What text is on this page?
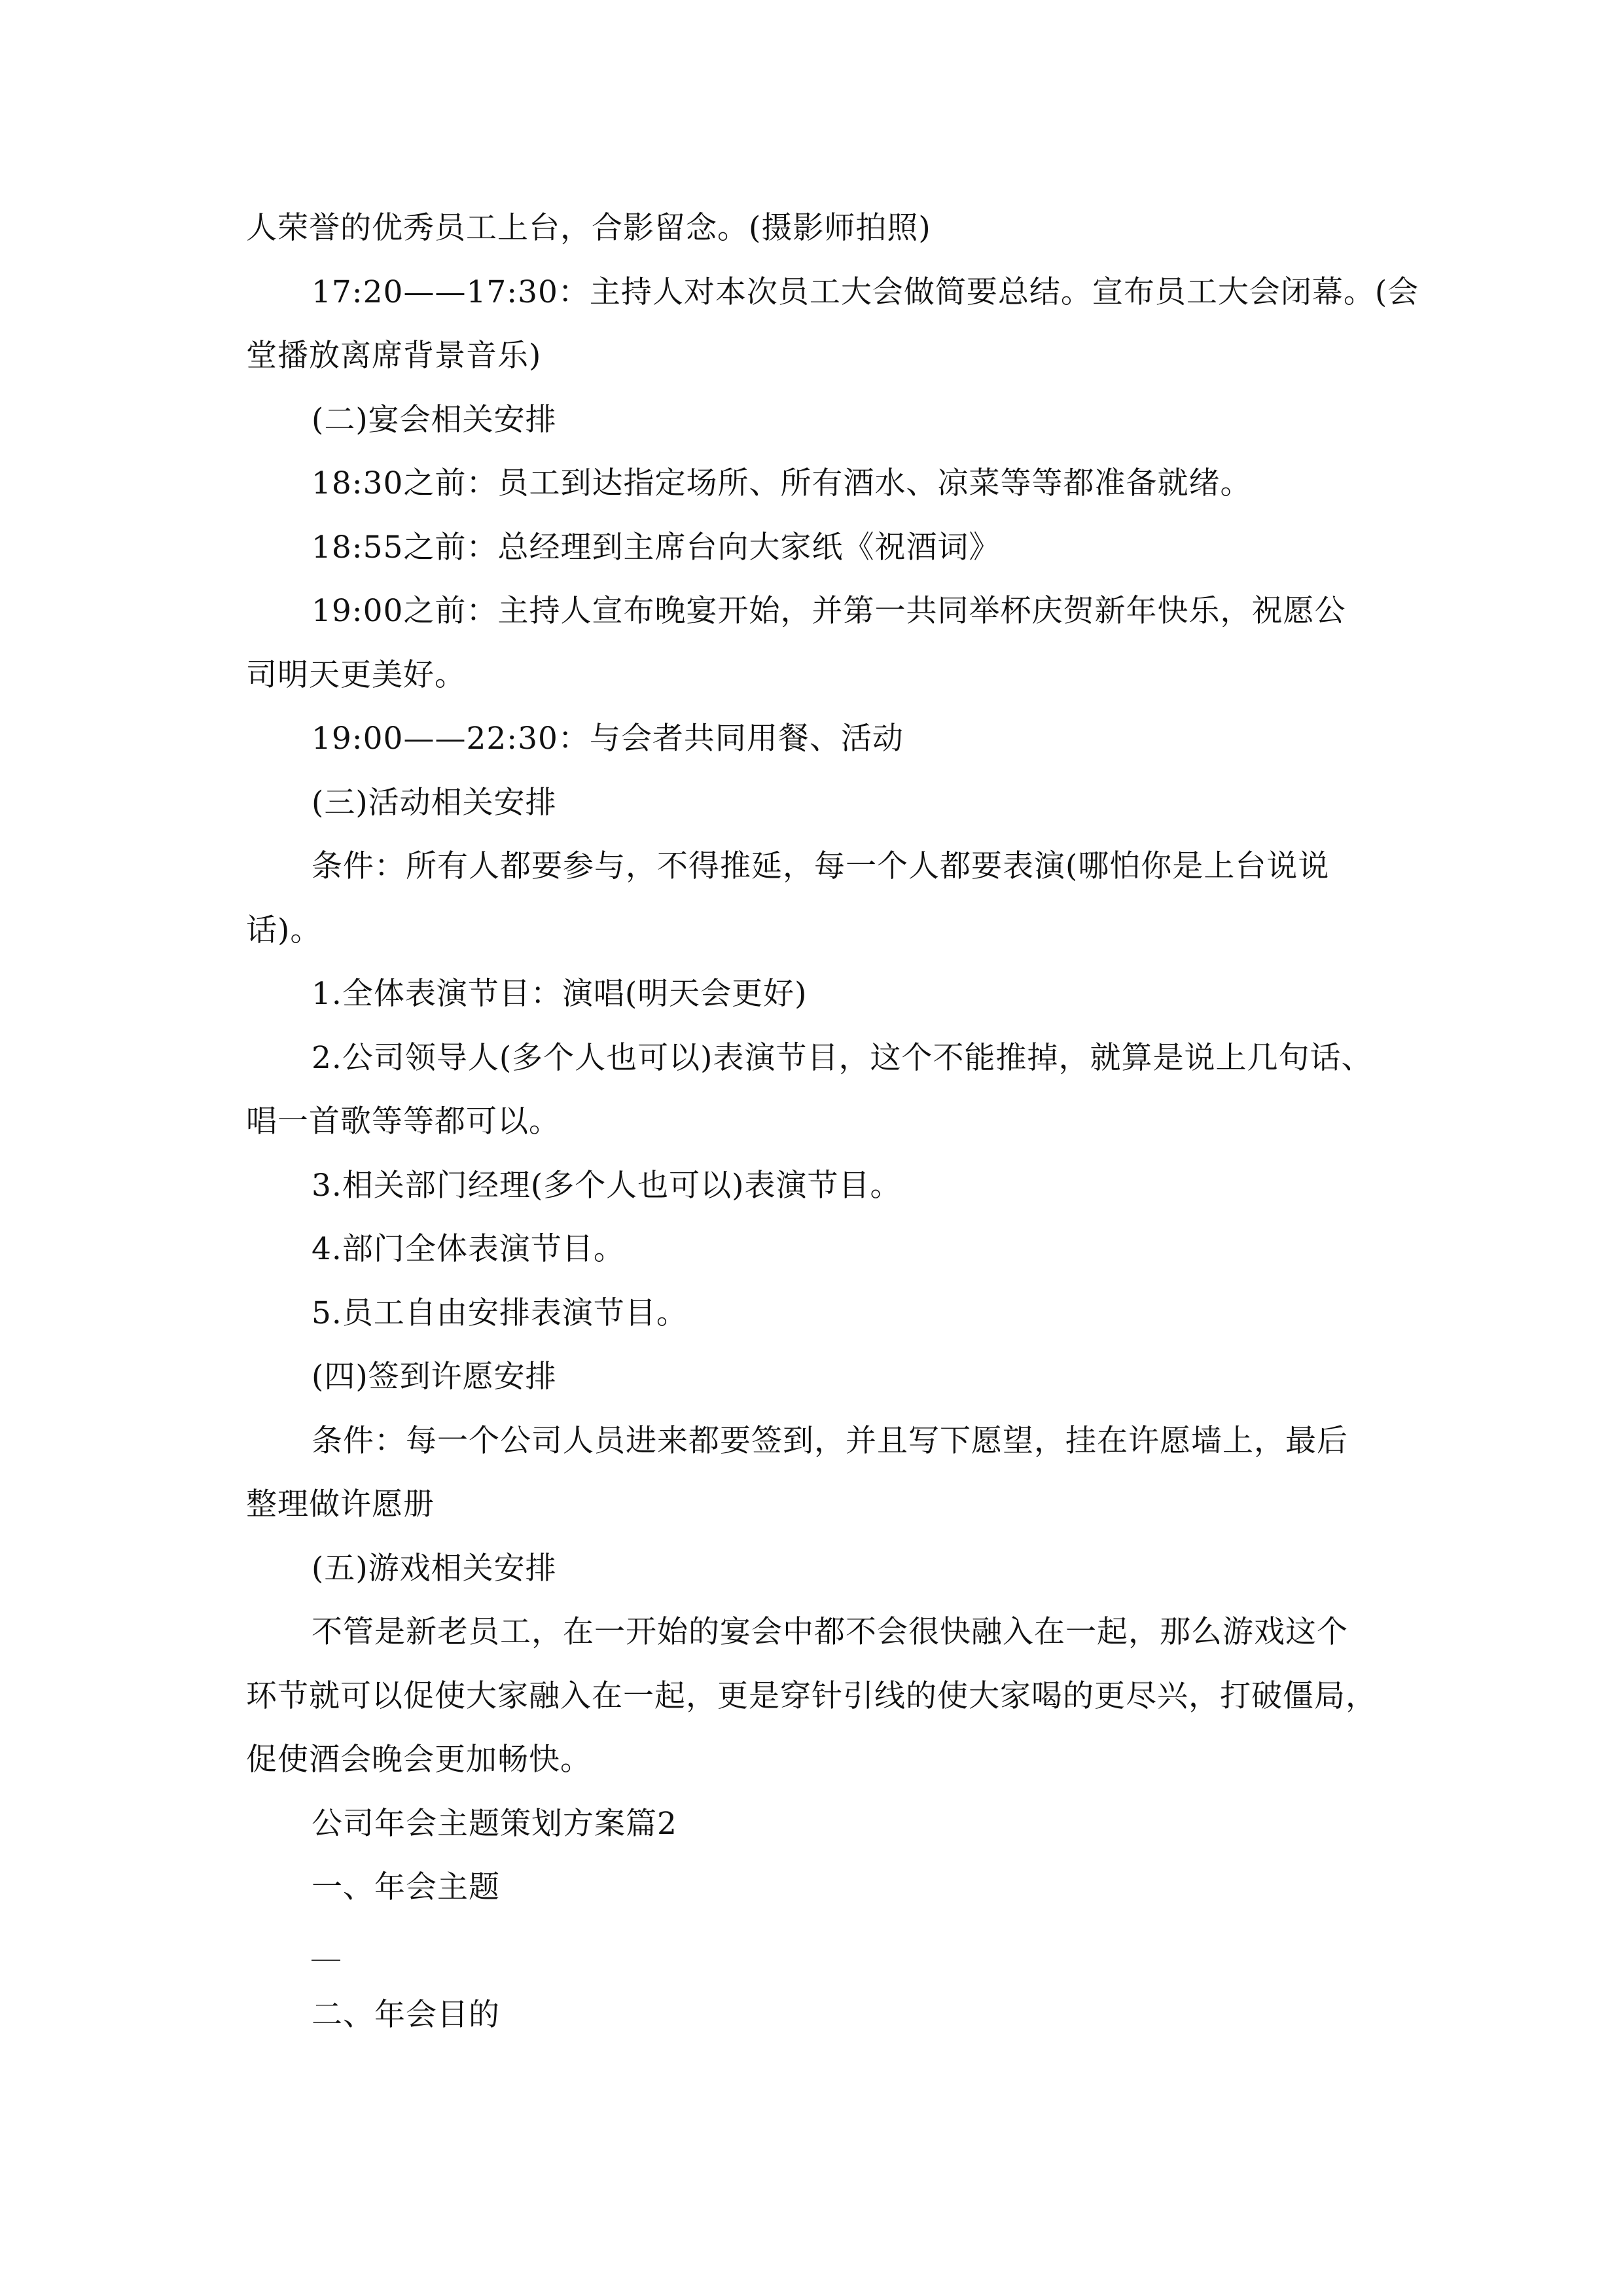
人荣誉的优秀员工上台，合影留念。(摄影师拍照)
17:20——17:30：主持人对本次员工大会做简要总结。宣布员工大会闭幕。(会
堂播放离席背景音乐)
(二)宴会相关安排
18:30之前：员工到达指定场所、所有酒水、凉菜等等都准备就绪。
18:55之前：总经理到主席台向大家纸《祝酒词》
19:00之前：主持人宣布晚宴开始，并第一共同举杯庆贺新年快乐，祝愿公
司明天更美好。
19:00——22:30：与会者共同用餐、活动
(三)活动相关安排
条件：所有人都要参与，不得推延，每一个人都要表演(哪怕你是上台说说
话)。
1.全体表演节目：演唱(明天会更好)
2.公司领导人(多个人也可以)表演节目，这个不能推掉，就算是说上几句话、
唱一首歌等等都可以。
3.相关部门经理(多个人也可以)表演节目。
4.部门全体表演节目。
5.员工自由安排表演节目。
(四)签到许愿安排
条件：每一个公司人员进来都要签到，并且写下愿望，挂在许愿墙上，最后
整理做许愿册
(五)游戏相关安排
不管是新老员工，在一开始的宴会中都不会很快融入在一起，那么游戏这个
环节就可以促使大家融入在一起，更是穿针引线的使大家喝的更尽兴，打破僵局，
促使酒会晚会更加畅快。
公司年会主题策划方案篇2
一、年会主题
二、年会目的
